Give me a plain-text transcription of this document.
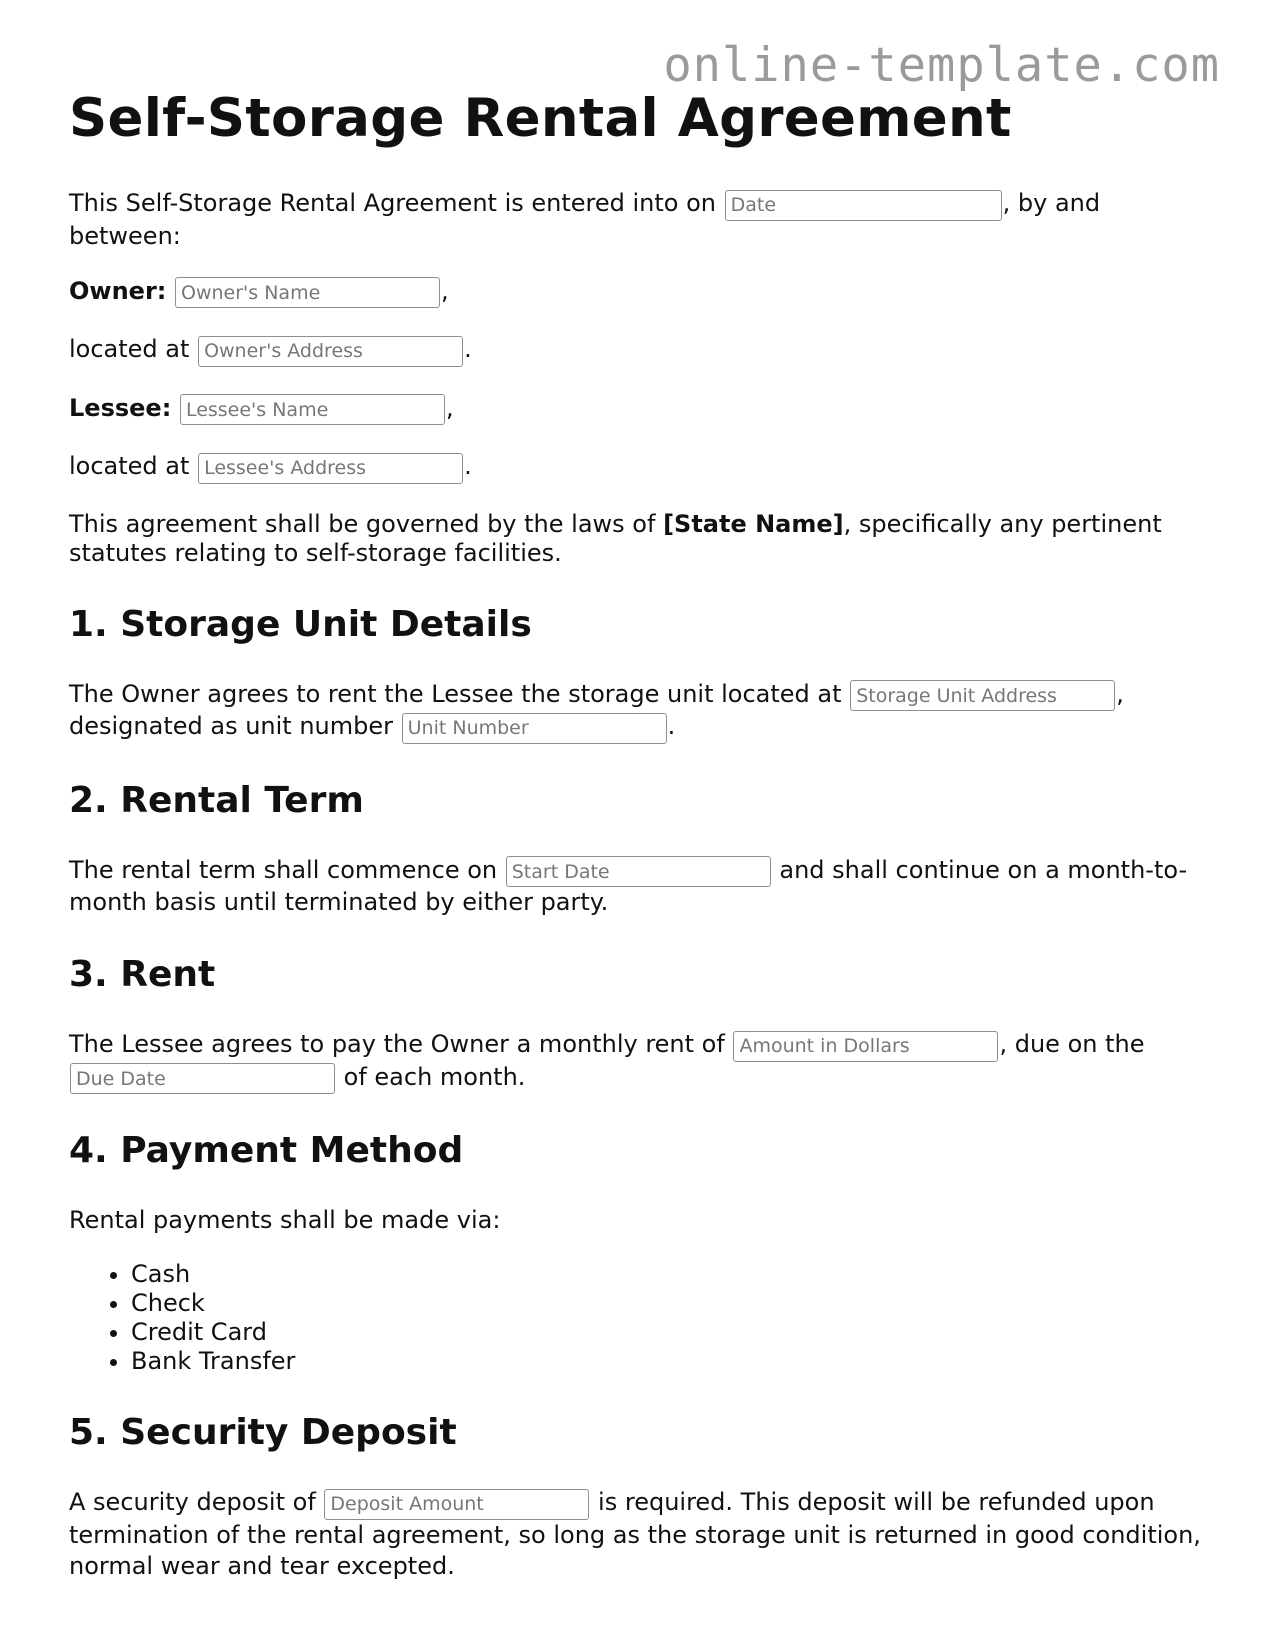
online-template.com
Self-Storage Rental Agreement

This Self-Storage Rental Agreement is entered into on Date	, by and between:

Owner: Owner's Name	,

located at Owner's Address	.

Lessee: Lessee's Name	,

located at Lessee's Address	.

This agreement shall be governed by the laws of [State Name], specifically any pertinent statutes relating to self-storage facilities.

1. Storage Unit Details

The Owner agrees to rent the Lessee the storage unit located at Storage Unit Address	, designated as unit number Unit Number	.

2. Rental Term

The rental term shall commence on Start Date	and shall continue on a month-to-month basis until terminated by either party.

3. Rent

The Lessee agrees to pay the Owner a monthly rent of Amount in Dollars	, due on the Due Date of each month.

4. Payment Method

Rental payments shall be made via:

• Cash
• Check
• Credit Card
• Bank Transfer
5. Security Deposit

A security deposit of Deposit Amount	is required. This deposit will be refunded upon termination of the rental agreement, so long as the storage unit is returned in good condition, normal wear and tear excepted.
